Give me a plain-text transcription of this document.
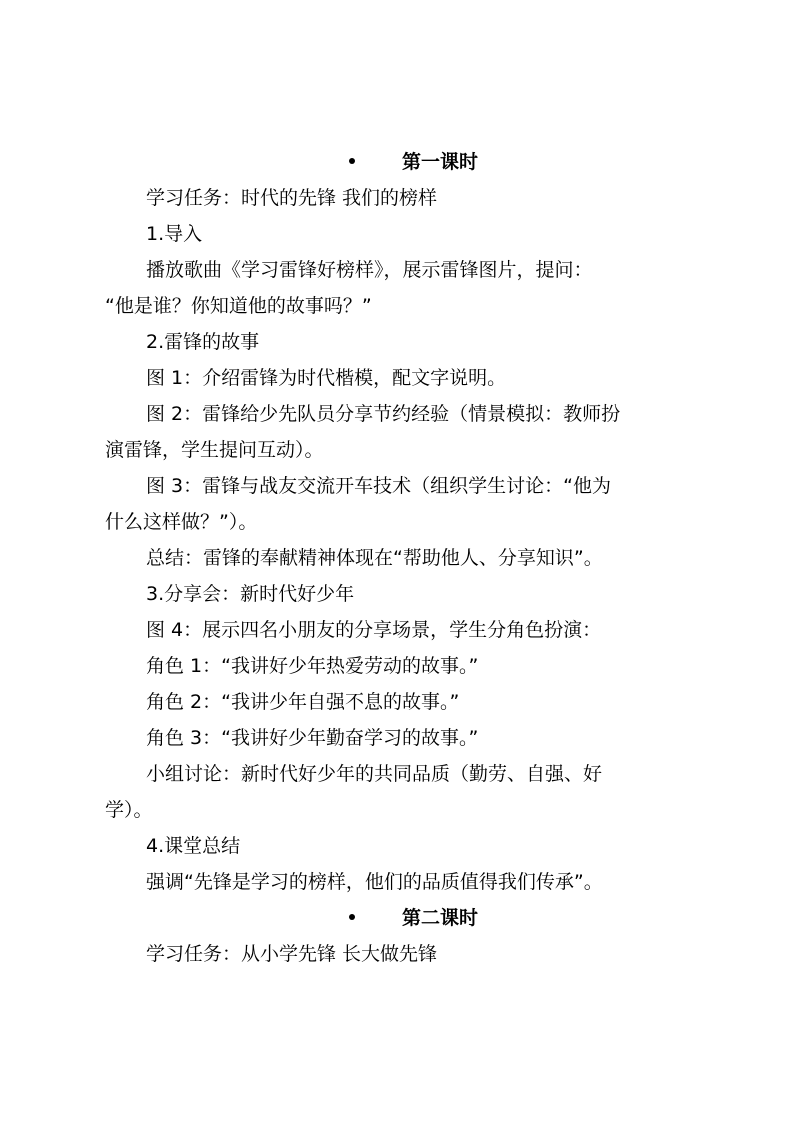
第一课时
学习任务：时代的先锋 我们的榜样
1.导入
播放歌曲《学习雷锋好榜样》，展示雷锋图片，提问：
“他是谁？你知道他的故事吗？”
2.雷锋的故事
图 1：介绍雷锋为时代楷模，配文字说明。
图 2：雷锋给少先队员分享节约经验（情景模拟：教师扮
演雷锋，学生提问互动）。
图 3：雷锋与战友交流开车技术（组织学生讨论：“他为
什么这样做？”）。
总结：雷锋的奉献精神体现在“帮助他人、分享知识”。
3.分享会：新时代好少年
图 4：展示四名小朋友的分享场景，学生分角色扮演：
角色 1：“我讲好少年热爱劳动的故事。”
角色 2：“我讲少年自强不息的故事。”
角色 3：“我讲好少年勤奋学习的故事。”
小组讨论：新时代好少年的共同品质（勤劳、自强、好
学）。
4.课堂总结
强调“先锋是学习的榜样，他们的品质值得我们传承”。
第二课时
学习任务：从小学先锋 长大做先锋
